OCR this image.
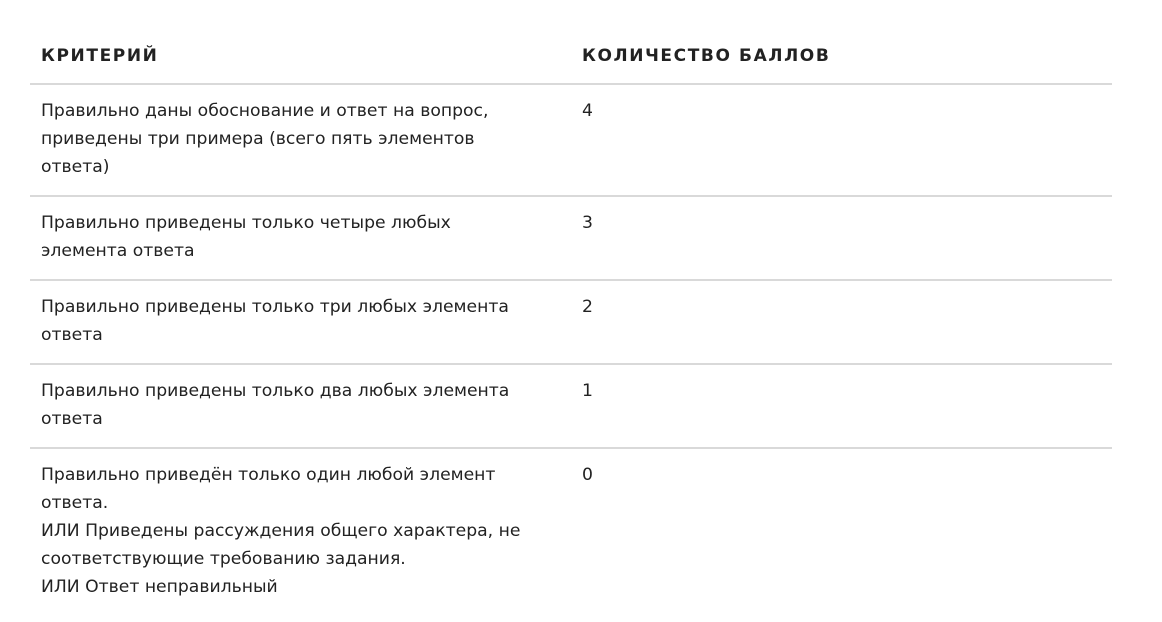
КРИТЕРИЙ	КОЛИЧЕСТВО БАЛЛОВ
Правильно даны обоснование и ответ на вопрос,
приведены три примера (всего пять элементов
ответа)
4
Правильно приведены только четыре любых
элемента ответа
3
Правильно приведены только три любых элемента
ответа
2
Правильно приведены только два любых элемента
ответа
1
Правильно приведён только один любой элемент
ответа.
ИЛИ Приведены рассуждения общего характера, не
соответствующие требованию задания.
ИЛИ Ответ неправильный
0
